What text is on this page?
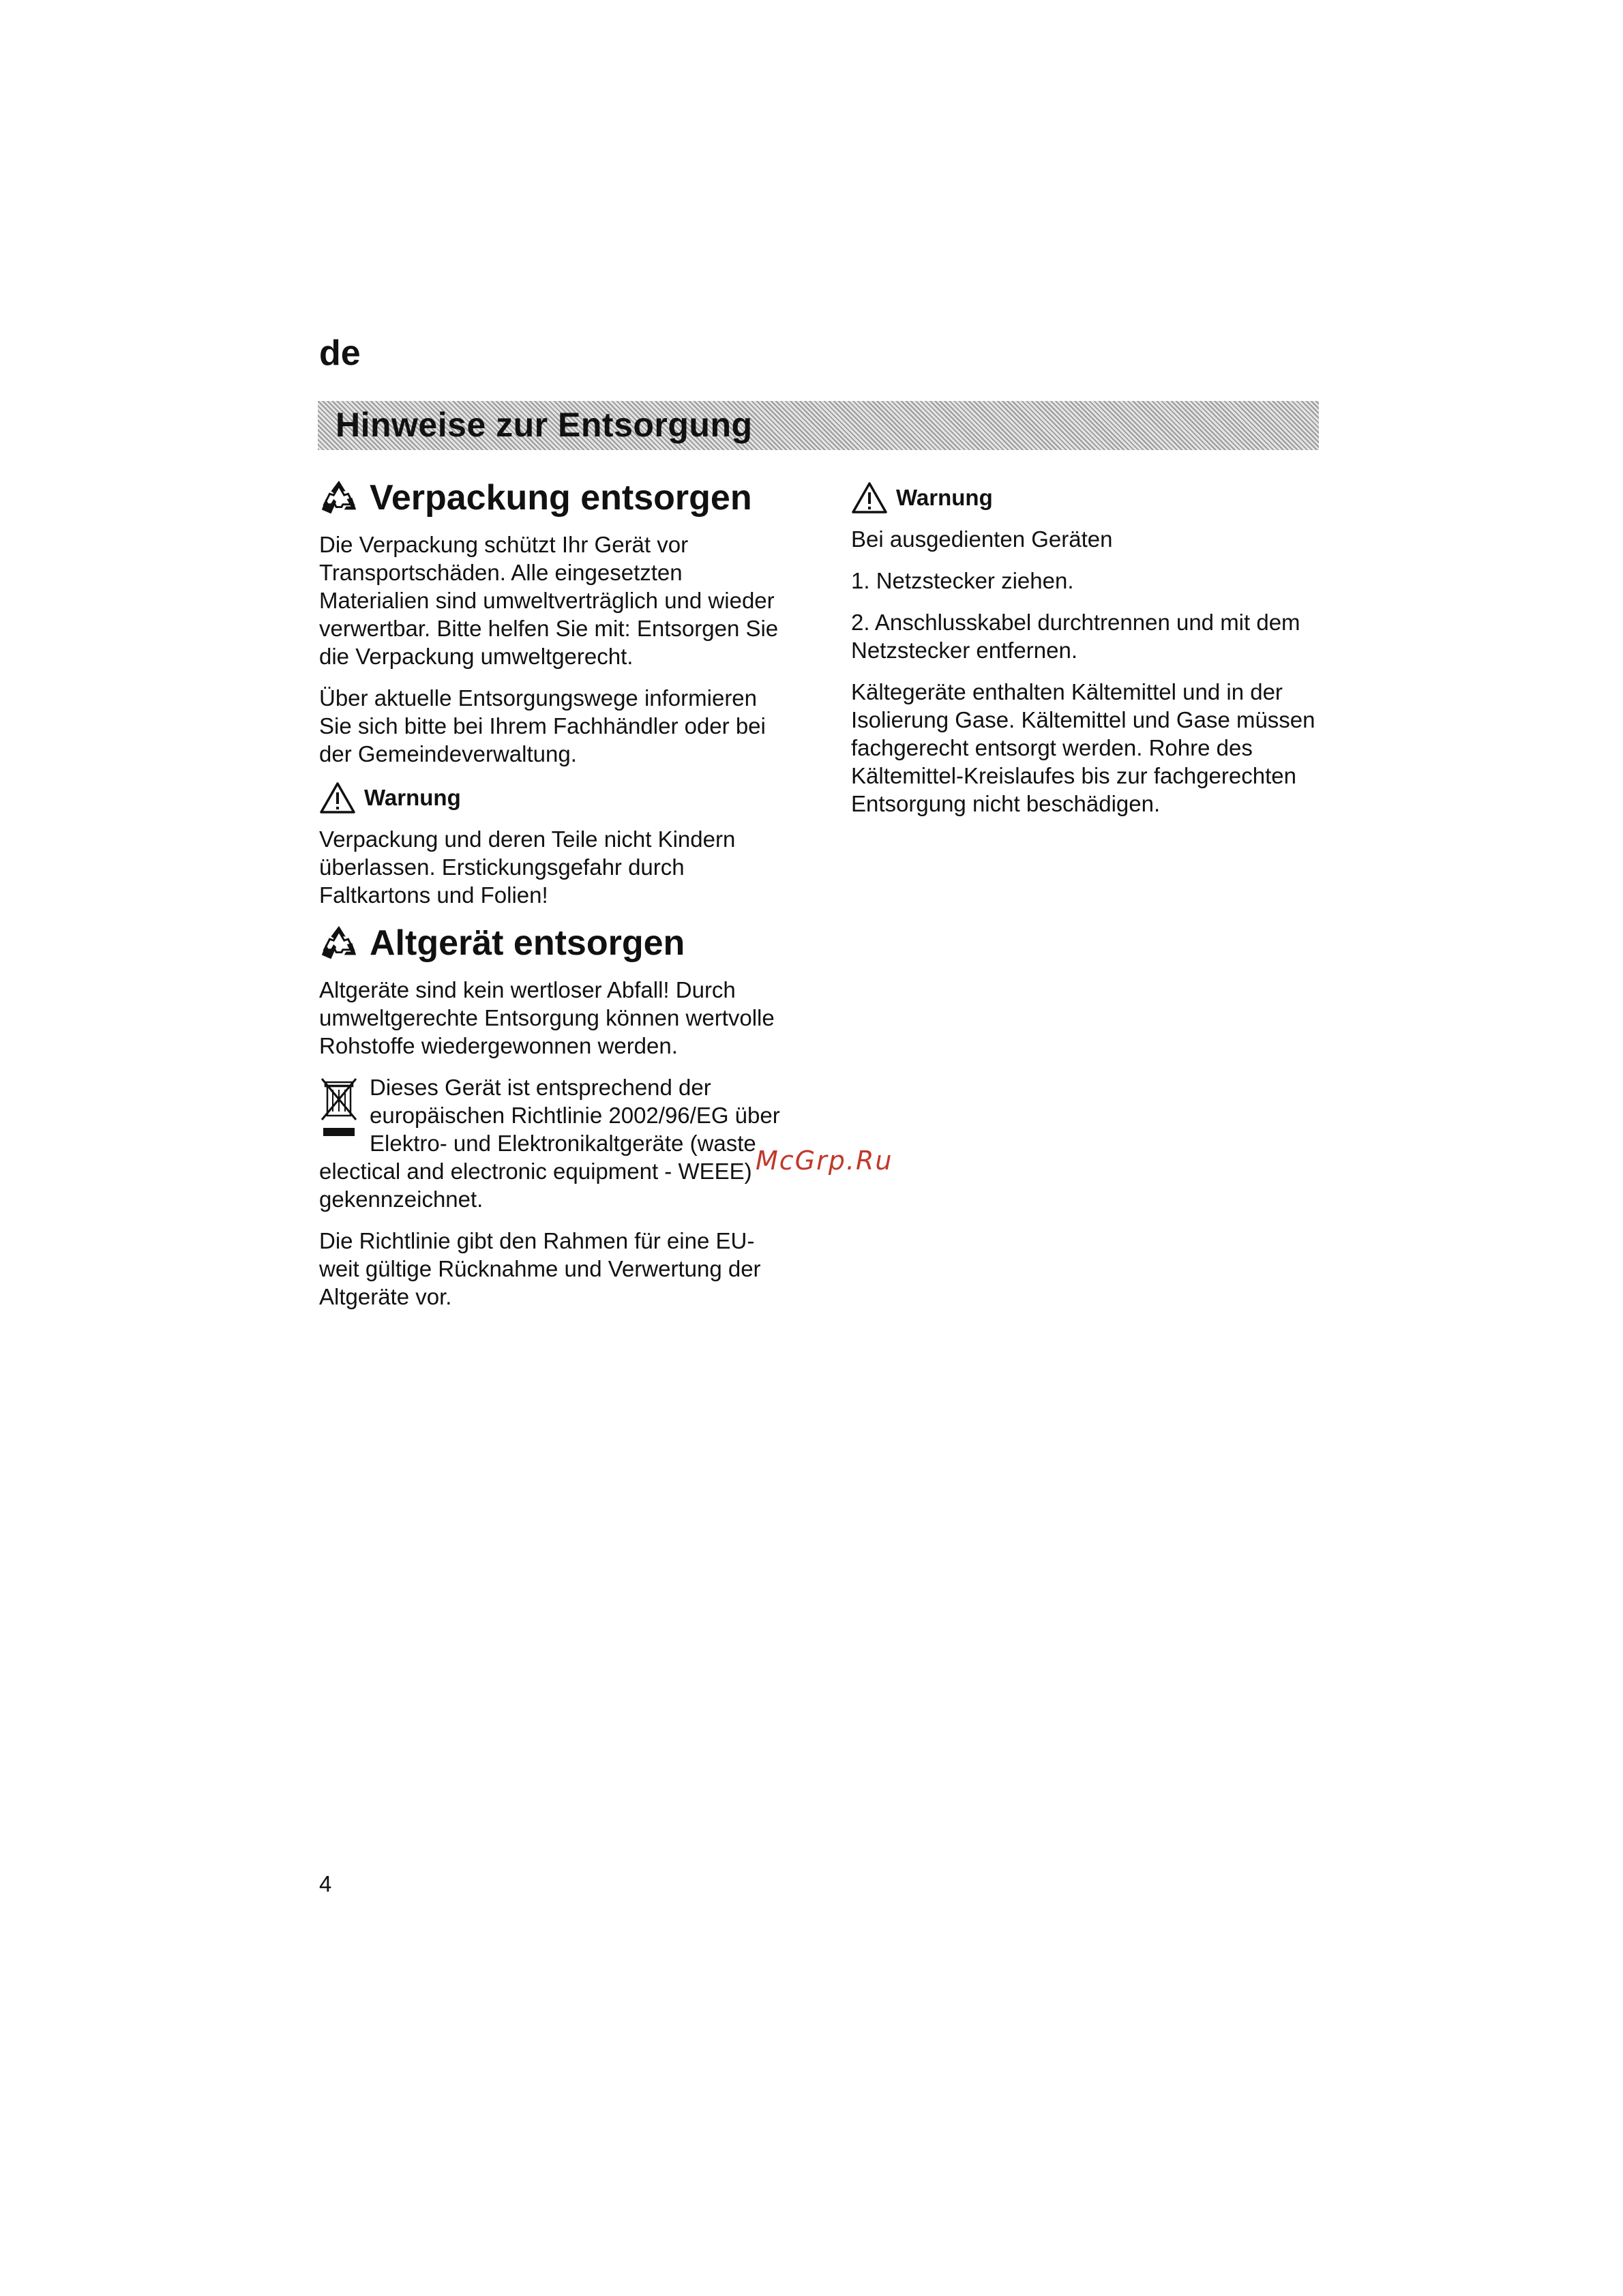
de
Hinweise zur Entsorgung
Verpackung entsorgen

Die Verpackung schützt Ihr Gerät vor Transportschäden. Alle eingesetzten Materialien sind umweltverträglich und wieder verwertbar. Bitte helfen Sie mit: Entsorgen Sie die Verpackung umweltgerecht.

Über aktuelle Entsorgungswege informieren Sie sich bitte bei Ihrem Fachhändler oder bei der Gemeindeverwaltung.

Warnung

Verpackung und deren Teile nicht Kindern überlassen. Erstickungsgefahr durch Faltkartons und Folien!

Altgerät entsorgen

Altgeräte sind kein wertloser Abfall! Durch umweltgerechte Entsorgung können wertvolle Rohstoffe wiedergewonnen werden.

Dieses Gerät ist entsprechend der europäischen Richtlinie 2002/96/EG über Elektro- und Elektronikaltgeräte (waste electical and electronic equipment - WEEE) gekennzeichnet.

Die Richtlinie gibt den Rahmen für eine EU-weit gültige Rücknahme und Verwertung der Altgeräte vor.

Warnung

Bei ausgedienten Geräten

1. Netzstecker ziehen.

2. Anschlusskabel durchtrennen und mit dem Netzstecker entfernen.

Kältegeräte enthalten Kältemittel und in der Isolierung Gase. Kältemittel und Gase müssen fachgerecht entsorgt werden. Rohre des Kältemittel-Kreislaufes bis zur fachgerechten Entsorgung nicht beschädigen.

McGrp.Ru
4
